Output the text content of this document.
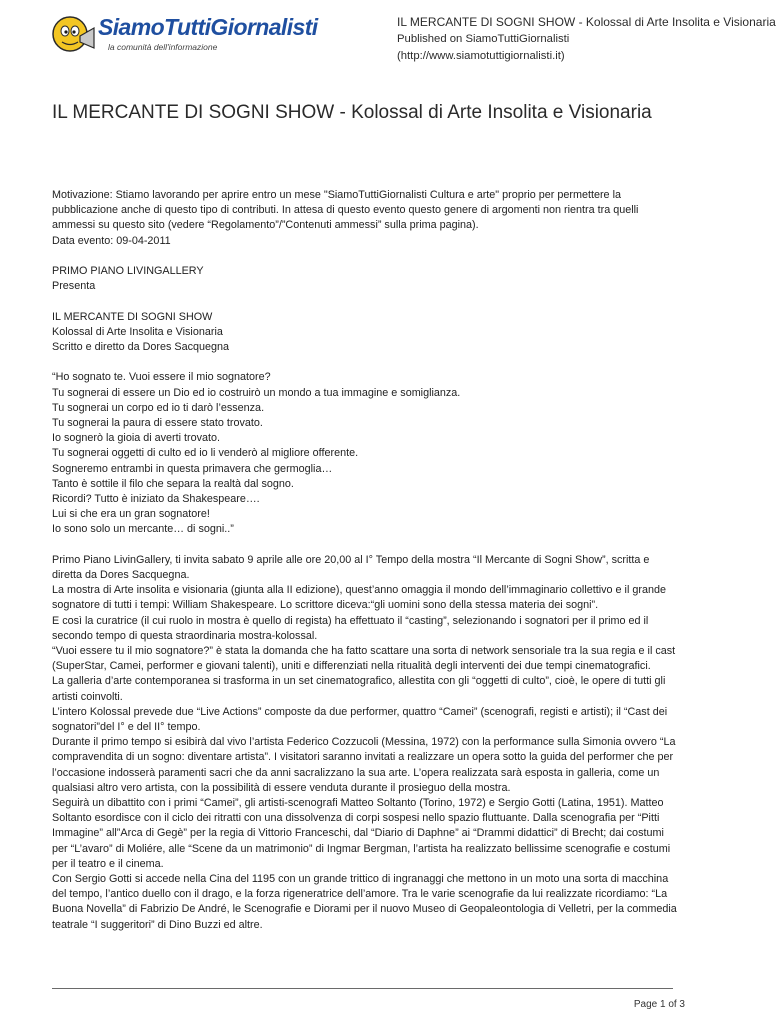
SiamoTuttiGiornalisti
la comunità dell'informazione
IL MERCANTE DI SOGNI SHOW - Kolossal di Arte Insolita e Visionaria
Published on SiamoTuttiGiornalisti
(http://www.siamotuttigiornalisti.it)
IL MERCANTE DI SOGNI SHOW - Kolossal di Arte Insolita e Visionaria

Motivazione: Stiamo lavorando per aprire entro un mese "SiamoTuttiGiornalisti Cultura e arte" proprio per permettere la pubblicazione anche di questo tipo di contributi. In attesa di questo evento questo genere di argomenti non rientra tra quelli ammessi su questo sito (vedere “Regolamento”/”Contenuti ammessi” sulla prima pagina).

Data evento: 09-04-2011

PRIMO PIANO LIVINGALLERY

Presenta

IL MERCANTE DI SOGNI SHOW

Kolossal di Arte Insolita e Visionaria

Scritto e diretto da Dores Sacquegna

“Ho sognato te. Vuoi essere il mio sognatore?

Tu sognerai di essere un Dio ed io costruirò un mondo a tua immagine e somiglianza.

Tu sognerai un corpo ed io ti darò l’essenza.

Tu sognerai la paura di essere stato trovato.

Io sognerò la gioia di averti trovato.

Tu sognerai oggetti di culto ed io li venderò al migliore offerente.

Sogneremo entrambi in questa primavera che germoglia…

Tanto è sottile il filo che separa la realtà dal sogno.

Ricordi? Tutto è iniziato da Shakespeare….

Lui si che era un gran sognatore!

Io sono solo un mercante… di sogni..”

Primo Piano LivinGallery, ti invita sabato 9 aprile alle ore 20,00 al I° Tempo della mostra “Il Mercante di Sogni Show”, scritta e diretta da Dores Sacquegna.

La mostra di Arte insolita e visionaria (giunta alla II edizione), quest’anno omaggia il mondo dell’immaginario collettivo e il grande sognatore di tutti i tempi: William Shakespeare. Lo scrittore diceva:“gli uomini sono della stessa materia dei sogni”.

E così la curatrice (il cui ruolo in mostra è quello di regista) ha effettuato il “casting”, selezionando i sognatori per il primo ed il secondo tempo di questa straordinaria mostra-kolossal.

“Vuoi essere tu il mio sognatore?” è stata la domanda che ha fatto scattare una sorta di network sensoriale tra la sua regia e il cast (SuperStar, Camei, performer e giovani talenti), uniti e differenziati nella ritualità degli interventi dei due tempi cinematografici.

La galleria d’arte contemporanea si trasforma in un set cinematografico, allestita con gli “oggetti di culto”, cioè, le opere di tutti gli artisti coinvolti.

L’intero Kolossal prevede due “Live Actions” composte da due performer, quattro “Camei” (scenografi, registi e artisti); il “Cast dei sognatori”del I° e del II° tempo.

Durante il primo tempo si esibirà dal vivo l’artista Federico Cozzucoli (Messina, 1972) con la performance sulla Simonia ovvero “La compravendita di un sogno: diventare artista”. I visitatori saranno invitati a realizzare un opera sotto la guida del performer che per l’occasione indosserà paramenti sacri che da anni sacralizzano la sua arte. L’opera realizzata sarà esposta in galleria, come un qualsiasi altro vero artista, con la possibilità di essere venduta durante il prosieguo della mostra.

Seguirà un dibattito con i primi “Camei”, gli artisti-scenografi Matteo Soltanto (Torino, 1972) e Sergio Gotti (Latina, 1951). Matteo Soltanto esordisce con il ciclo dei ritratti con una dissolvenza di corpi sospesi nello spazio fluttuante. Dalla scenografia per “Pitti Immagine” all”Arca di Gegè” per la regia di Vittorio Franceschi, dal “Diario di Daphne” ai “Drammi didattici” di Brecht; dai costumi per “L’avaro” di Moliére, alle “Scene da un matrimonio” di Ingmar Bergman, l’artista ha realizzato bellissime scenografie e costumi per il teatro e il cinema.

Con Sergio Gotti si accede nella Cina del 1195 con un grande trittico di ingranaggi che mettono in un moto una sorta di macchina del tempo, l’antico duello con il drago, e la forza rigeneratrice dell’amore. Tra le varie scenografie da lui realizzate ricordiamo: “La Buona Novella” di Fabrizio De André, le Scenografie e Diorami per il nuovo Museo di Geopaleontologia di Velletri, per la commedia teatrale “I suggeritori” di Dino Buzzi ed altre.

Page 1 of 3
